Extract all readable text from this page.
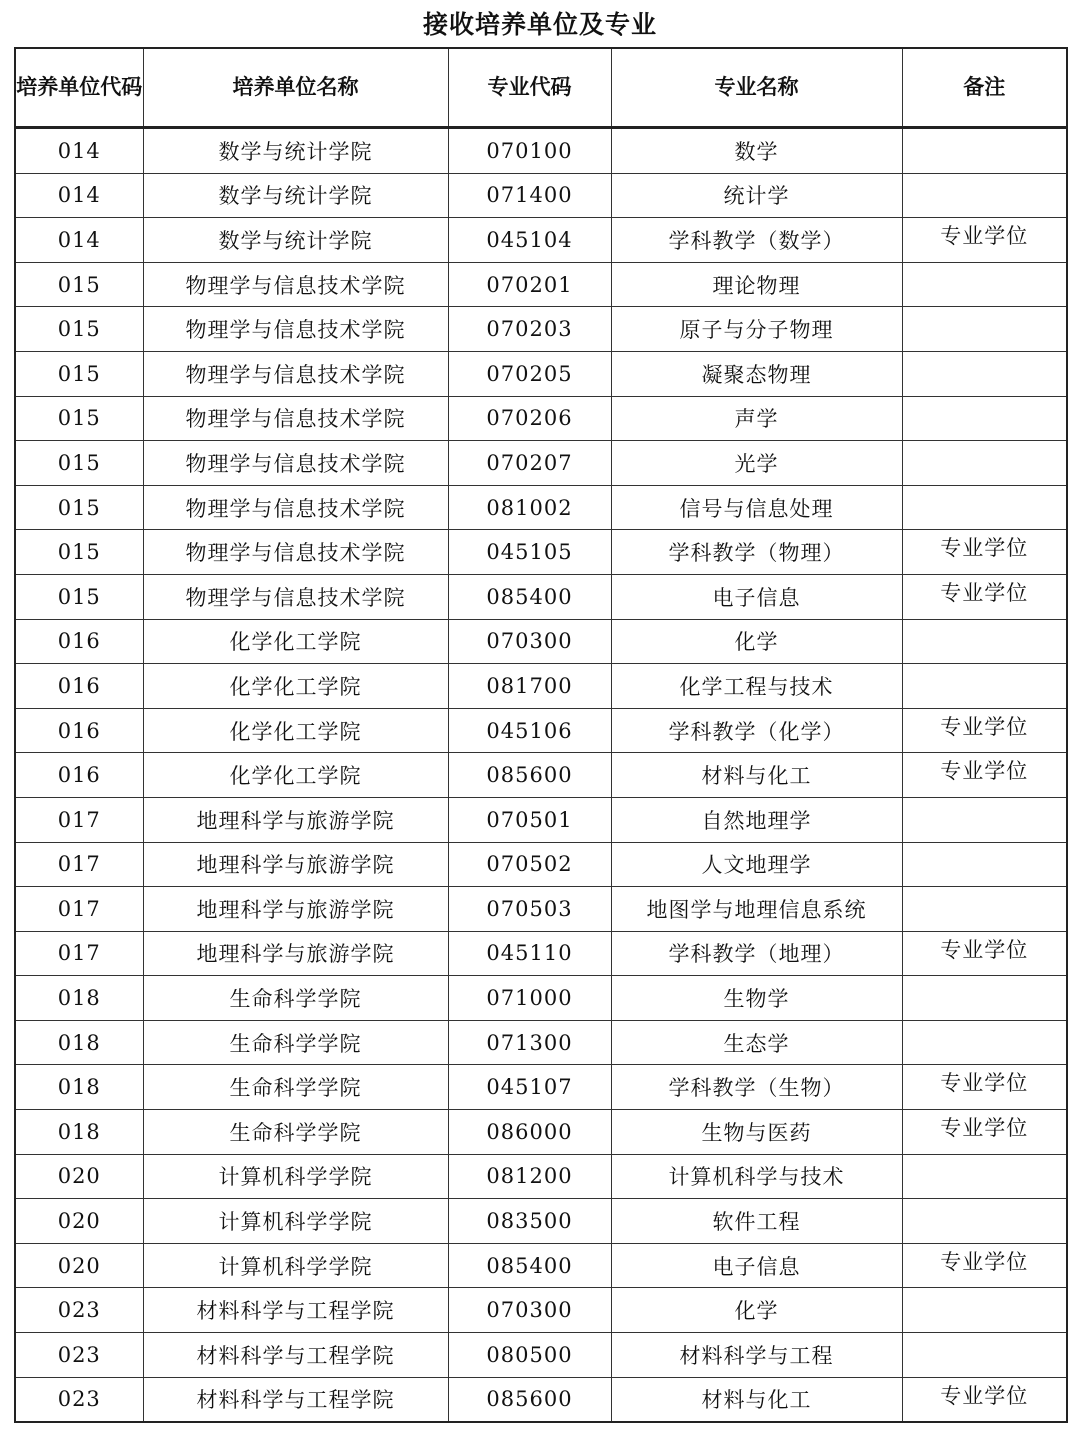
接收培养单位及专业
培养单位代码	培养单位名称	专业代码	专业名称	备注
014	数学与统计学院	070100	数学	
014	数学与统计学院	071400	统计学	
014	数学与统计学院	045104	学科教学（数学）	专业学位
015	物理学与信息技术学院	070201	理论物理	
015	物理学与信息技术学院	070203	原子与分子物理	
015	物理学与信息技术学院	070205	凝聚态物理	
015	物理学与信息技术学院	070206	声学	
015	物理学与信息技术学院	070207	光学	
015	物理学与信息技术学院	081002	信号与信息处理	
015	物理学与信息技术学院	045105	学科教学（物理）	专业学位
015	物理学与信息技术学院	085400	电子信息	专业学位
016	化学化工学院	070300	化学	
016	化学化工学院	081700	化学工程与技术	
016	化学化工学院	045106	学科教学（化学）	专业学位
016	化学化工学院	085600	材料与化工	专业学位
017	地理科学与旅游学院	070501	自然地理学	
017	地理科学与旅游学院	070502	人文地理学	
017	地理科学与旅游学院	070503	地图学与地理信息系统	
017	地理科学与旅游学院	045110	学科教学（地理）	专业学位
018	生命科学学院	071000	生物学	
018	生命科学学院	071300	生态学	
018	生命科学学院	045107	学科教学（生物）	专业学位
018	生命科学学院	086000	生物与医药	专业学位
020	计算机科学学院	081200	计算机科学与技术	
020	计算机科学学院	083500	软件工程	
020	计算机科学学院	085400	电子信息	专业学位
023	材料科学与工程学院	070300	化学	
023	材料科学与工程学院	080500	材料科学与工程	
023	材料科学与工程学院	085600	材料与化工	专业学位
